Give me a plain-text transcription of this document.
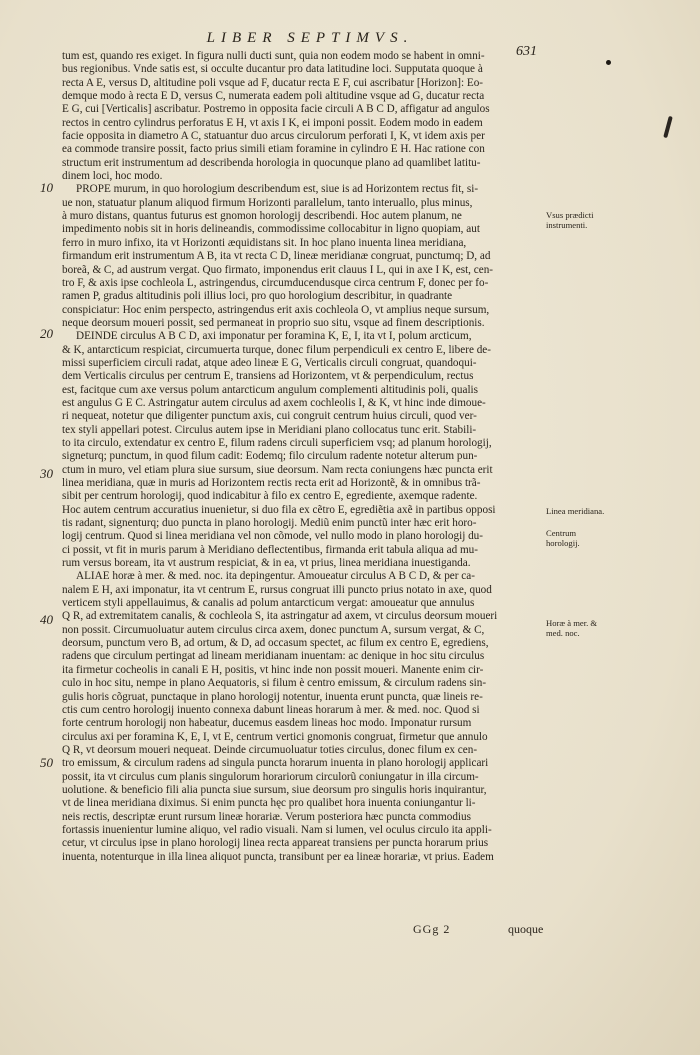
LIBER SEPTIMVS.
631
10
20
30
40
50
Vsus prædicti instrumenti.
Linea meridiana.
Centrum horologij.
Horæ à mer. & med. noc.
tum est, quando res exiget. In figura nulli ducti sunt, quia non eodem modo se habent in omni-
bus regionibus. Vnde satis est, si occulte ducantur pro data latitudine loci. Supputata quoque à
recta A E, versus D, altitudine poli vsque ad F, ducatur recta E F, cui ascribatur [Horizon]: Eo-
demque modo à recta E D, versus C, numerata eadem poli altitudine vsque ad G, ducatur recta
E G, cui [Verticalis] ascribatur. Postremo in opposita facie circuli A B C D, affigatur ad angulos
rectos in centro cylindrus perforatus E H, vt axis I K, ei imponi possit. Eodem modo in eadem
facie opposita in diametro A C, statuantur duo arcus circulorum perforati I, K, vt idem axis per
ea commode transire possit, facto prius simili etiam foramine in cylindro E H. Hac ratione con
structum erit instrumentum ad describenda horologia in quocunque plano ad quamlibet latitu-
dinem loci, hoc modo.
PROPE murum, in quo horologium describendum est, siue is ad Horizontem rectus fit, si-
ue non, statuatur planum aliquod firmum Horizonti parallelum, tanto interuallo, plus minus,
à muro distans, quantus futurus est gnomon horologij describendi. Hoc autem planum, ne
impedimento nobis sit in horis delineandis, commodissime collocabitur in ligno quopiam, aut
ferro in muro infixo, ita vt Horizonti æquidistans sit. In hoc plano inuenta linea meridiana,
firmandum erit instrumentum A B, ita vt recta C D, lineæ meridianæ congruat, punctumq; D, ad
boreã, & C, ad austrum vergat. Quo firmato, imponendus erit clauus I L, qui in axe I K, est, cen-
tro F, & axis ipse cochleola L, astringendus, circumducendusque circa centrum F, donec per fo-
ramen P, gradus altitudinis poli illius loci, pro quo horologium describitur, in quadrante
conspiciatur: Hoc enim perspecto, astringendus erit axis cochleola O, vt amplius neque sursum,
neque deorsum moueri possit, sed permaneat in proprio suo situ, vsque ad finem descriptionis.
DEINDE circulus A B C D, axi imponatur per foramina K, E, I, ita vt I, polum arcticum,
& K, antarcticum respiciat, circumuerta turque, donec filum perpendiculi ex centro E, libere de-
missi superficiem circuli radat, atque adeo lineæ E G, Verticalis circuli congruat, quandoqui-
dem Verticalis circulus per centrum E, transiens ad Horizontem, vt & perpendiculum, rectus
est, facitque cum axe versus polum antarcticum angulum complementi altitudinis poli, qualis
est angulus G E C. Astringatur autem circulus ad axem cochleolis I, & K, vt hinc inde dimoue-
ri nequeat, notetur que diligenter punctum axis, cui congruit centrum huius circuli, quod ver-
tex styli appellari potest. Circulus autem ipse in Meridiani plano collocatus tunc erit. Stabili-
to ita circulo, extendatur ex centro E, filum radens circuli superficiem vsq; ad planum horologij,
signeturq; punctum, in quod filum cadit: Eodemq; filo circulum radente notetur alterum pun-
ctum in muro, vel etiam plura siue sursum, siue deorsum. Nam recta coniungens hæc puncta erit
linea meridiana, quæ in muris ad Horizontem rectis recta erit ad Horizontẽ, & in omnibus trã-
sibit per centrum horologij, quod indicabitur à filo ex centro E, egrediente, axemque radente.
Hoc autem centrum accuratius inuenietur, si duo fila ex cẽtro E, egrediẽtia axẽ in partibus opposi
tis radant, signenturq; duo puncta in plano horologij. Mediũ enim punctũ inter hæc erit horo-
logij centrum. Quod si linea meridiana vel non cõmode, vel nullo modo in plano horologij du-
ci possit, vt fit in muris parum à Meridiano deflectentibus, firmanda erit tabula aliqua ad mu-
rum versus boream, ita vt austrum respiciat, & in ea, vt prius, linea meridiana inuestiganda.
ALIAE horæ à mer. & med. noc. ita depingentur. Amoueatur circulus A B C D, & per ca-
nalem E H, axi imponatur, ita vt centrum E, rursus congruat illi puncto prius notato in axe, quod
verticem styli appellauimus, & canalis ad polum antarcticum vergat: amoueatur que annulus
Q R, ad extremitatem canalis, & cochleola S, ita astringatur ad axem, vt circulus deorsum moueri
non possit. Circumuoluatur autem circulus circa axem, donec punctum A, sursum vergat, & C,
deorsum, punctum vero B, ad ortum, & D, ad occasum spectet, ac filum ex centro E, egrediens,
radens que circulum pertingat ad lineam meridianam inuentam: ac denique in hoc situ circulus
ita firmetur cocheolis in canali E H, positis, vt hinc inde non possit moueri. Manente enim cir-
culo in hoc situ, nempe in plano Aequatoris, si filum è centro emissum, & circulum radens sin-
gulis horis cõgruat, punctaque in plano horologij notentur, inuenta erunt puncta, quæ lineis re-
ctis cum centro horologij inuento connexa dabunt lineas horarum à mer. & med. noc. Quod si
forte centrum horologij non habeatur, ducemus easdem lineas hoc modo. Imponatur rursum
circulus axi per foramina K, E, I, vt E, centrum vertici gnomonis congruat, firmetur que annulo
Q R, vt deorsum moueri nequeat. Deinde circumuoluatur toties circulus, donec filum ex cen-
tro emissum, & circulum radens ad singula puncta horarum inuenta in plano horologij applicari
possit, ita vt circulus cum planis singulorum horariorum circulorũ coniungatur in illa circum-
uolutione. & beneficio fili alia puncta siue sursum, siue deorsum pro singulis horis inquirantur,
vt de linea meridiana diximus. Si enim puncta hęc pro qualibet hora inuenta coniungantur li-
neis rectis, descriptæ erunt rursum lineæ horariæ. Verum posteriora hæc puncta commodius
fortassis inuenientur lumine aliquo, vel radio visuali. Nam si lumen, vel oculus circulo ita appli-
cetur, vt circulus ipse in plano horologij linea recta appareat transiens per puncta horarum prius
inuenta, notenturque in illa linea aliquot puncta, transibunt per ea lineæ horariæ, vt prius. Eadem
GGg 2	quoque
